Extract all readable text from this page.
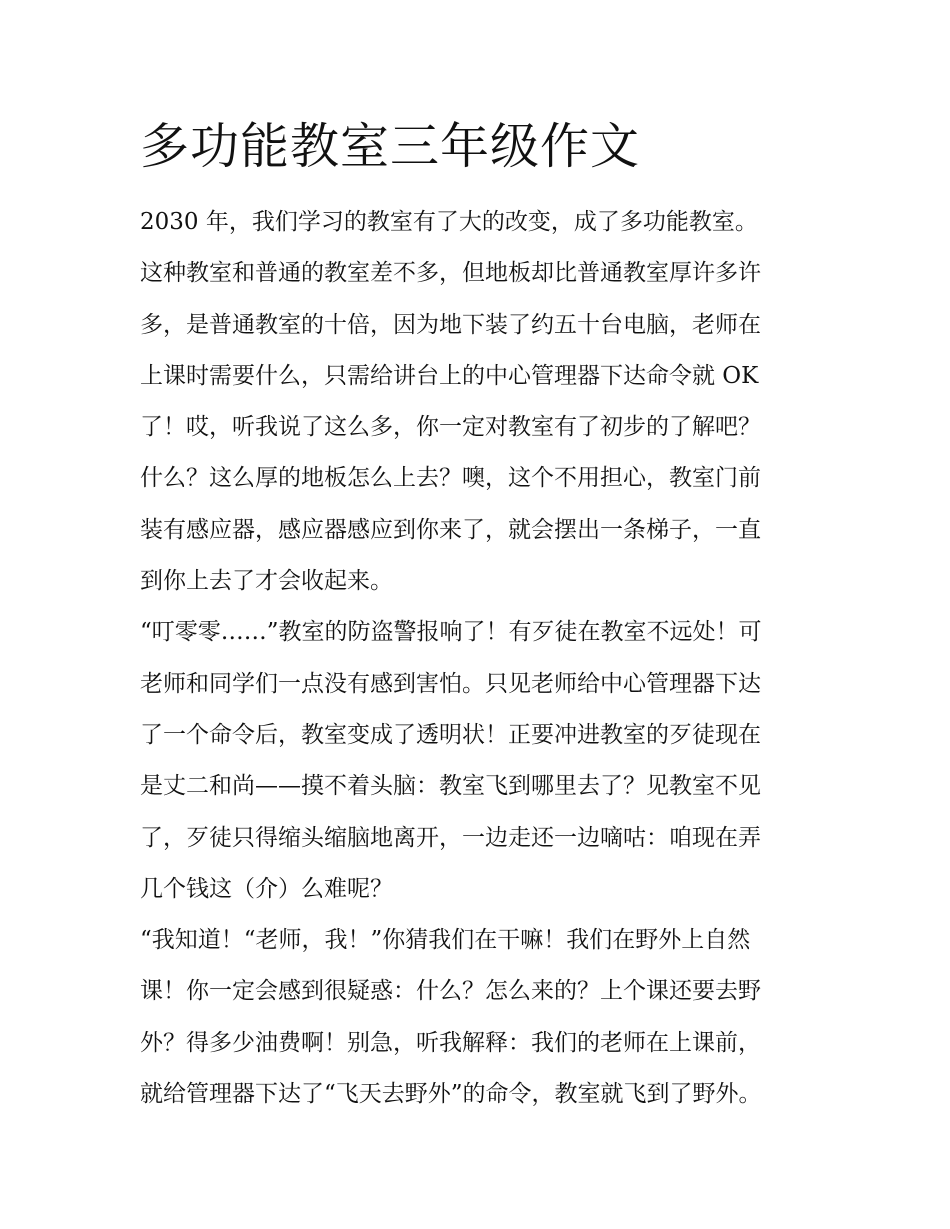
多功能教室三年级作文
2030 年，我们学习的教室有了大的改变，成了多功能教室。
这种教室和普通的教室差不多，但地板却比普通教室厚许多许
多，是普通教室的十倍，因为地下装了约五十台电脑，老师在
上课时需要什么，只需给讲台上的中心管理器下达命令就 OK
了！哎，听我说了这么多，你一定对教室有了初步的了解吧？
什么？这么厚的地板怎么上去？噢，这个不用担心，教室门前
装有感应器，感应器感应到你来了，就会摆出一条梯子，一直
到你上去了才会收起来。
“叮零零……”教室的防盗警报响了！有歹徒在教室不远处！可
老师和同学们一点没有感到害怕。只见老师给中心管理器下达
了一个命令后，教室变成了透明状！正要冲进教室的歹徒现在
是丈二和尚——摸不着头脑：教室飞到哪里去了？见教室不见
了，歹徒只得缩头缩脑地离开，一边走还一边嘀咕：咱现在弄
几个钱这（介）么难呢？
“我知道！“老师，我！”你猜我们在干嘛！我们在野外上自然
课！你一定会感到很疑惑：什么？怎么来的？上个课还要去野
外？得多少油费啊！别急，听我解释：我们的老师在上课前，
就给管理器下达了“飞天去野外”的命令，教室就飞到了野外。
